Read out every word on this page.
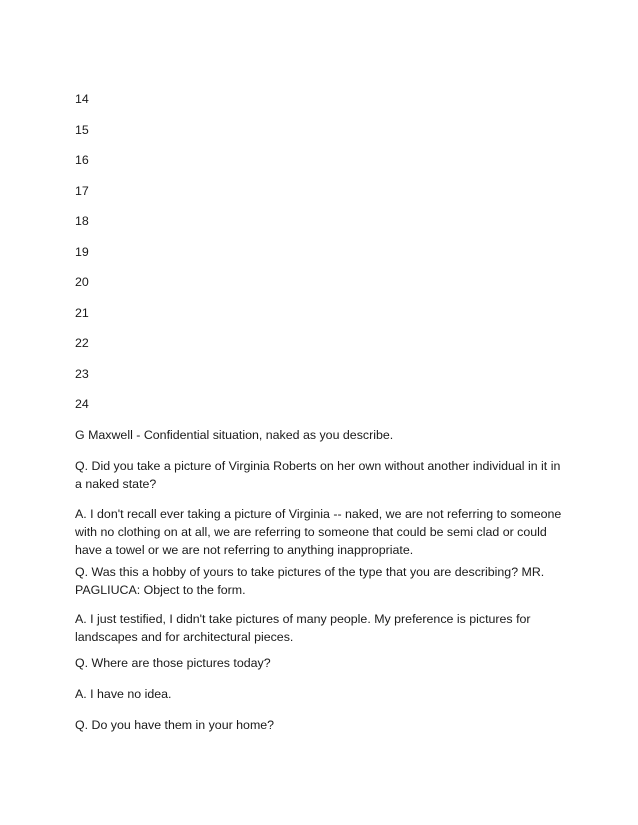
14
15
16
17
18
19
20
21
22
23
24

G Maxwell - Confidential situation, naked as you describe.

Q. Did you take a picture of Virginia Roberts on her own without another individual in it in a naked state?

A. I don't recall ever taking a picture of Virginia -- naked, we are not referring to someone with no clothing on at all, we are referring to someone that could be semi clad or could have a towel or we are not referring to anything inappropriate.

Q. Was this a hobby of yours to take pictures of the type that you are describing? MR. PAGLIUCA: Object to the form.

A. I just testified, I didn't take pictures of many people. My preference is pictures for landscapes and for architectural pieces.

Q. Where are those pictures today?

A. I have no idea.

Q. Do you have them in your home?
